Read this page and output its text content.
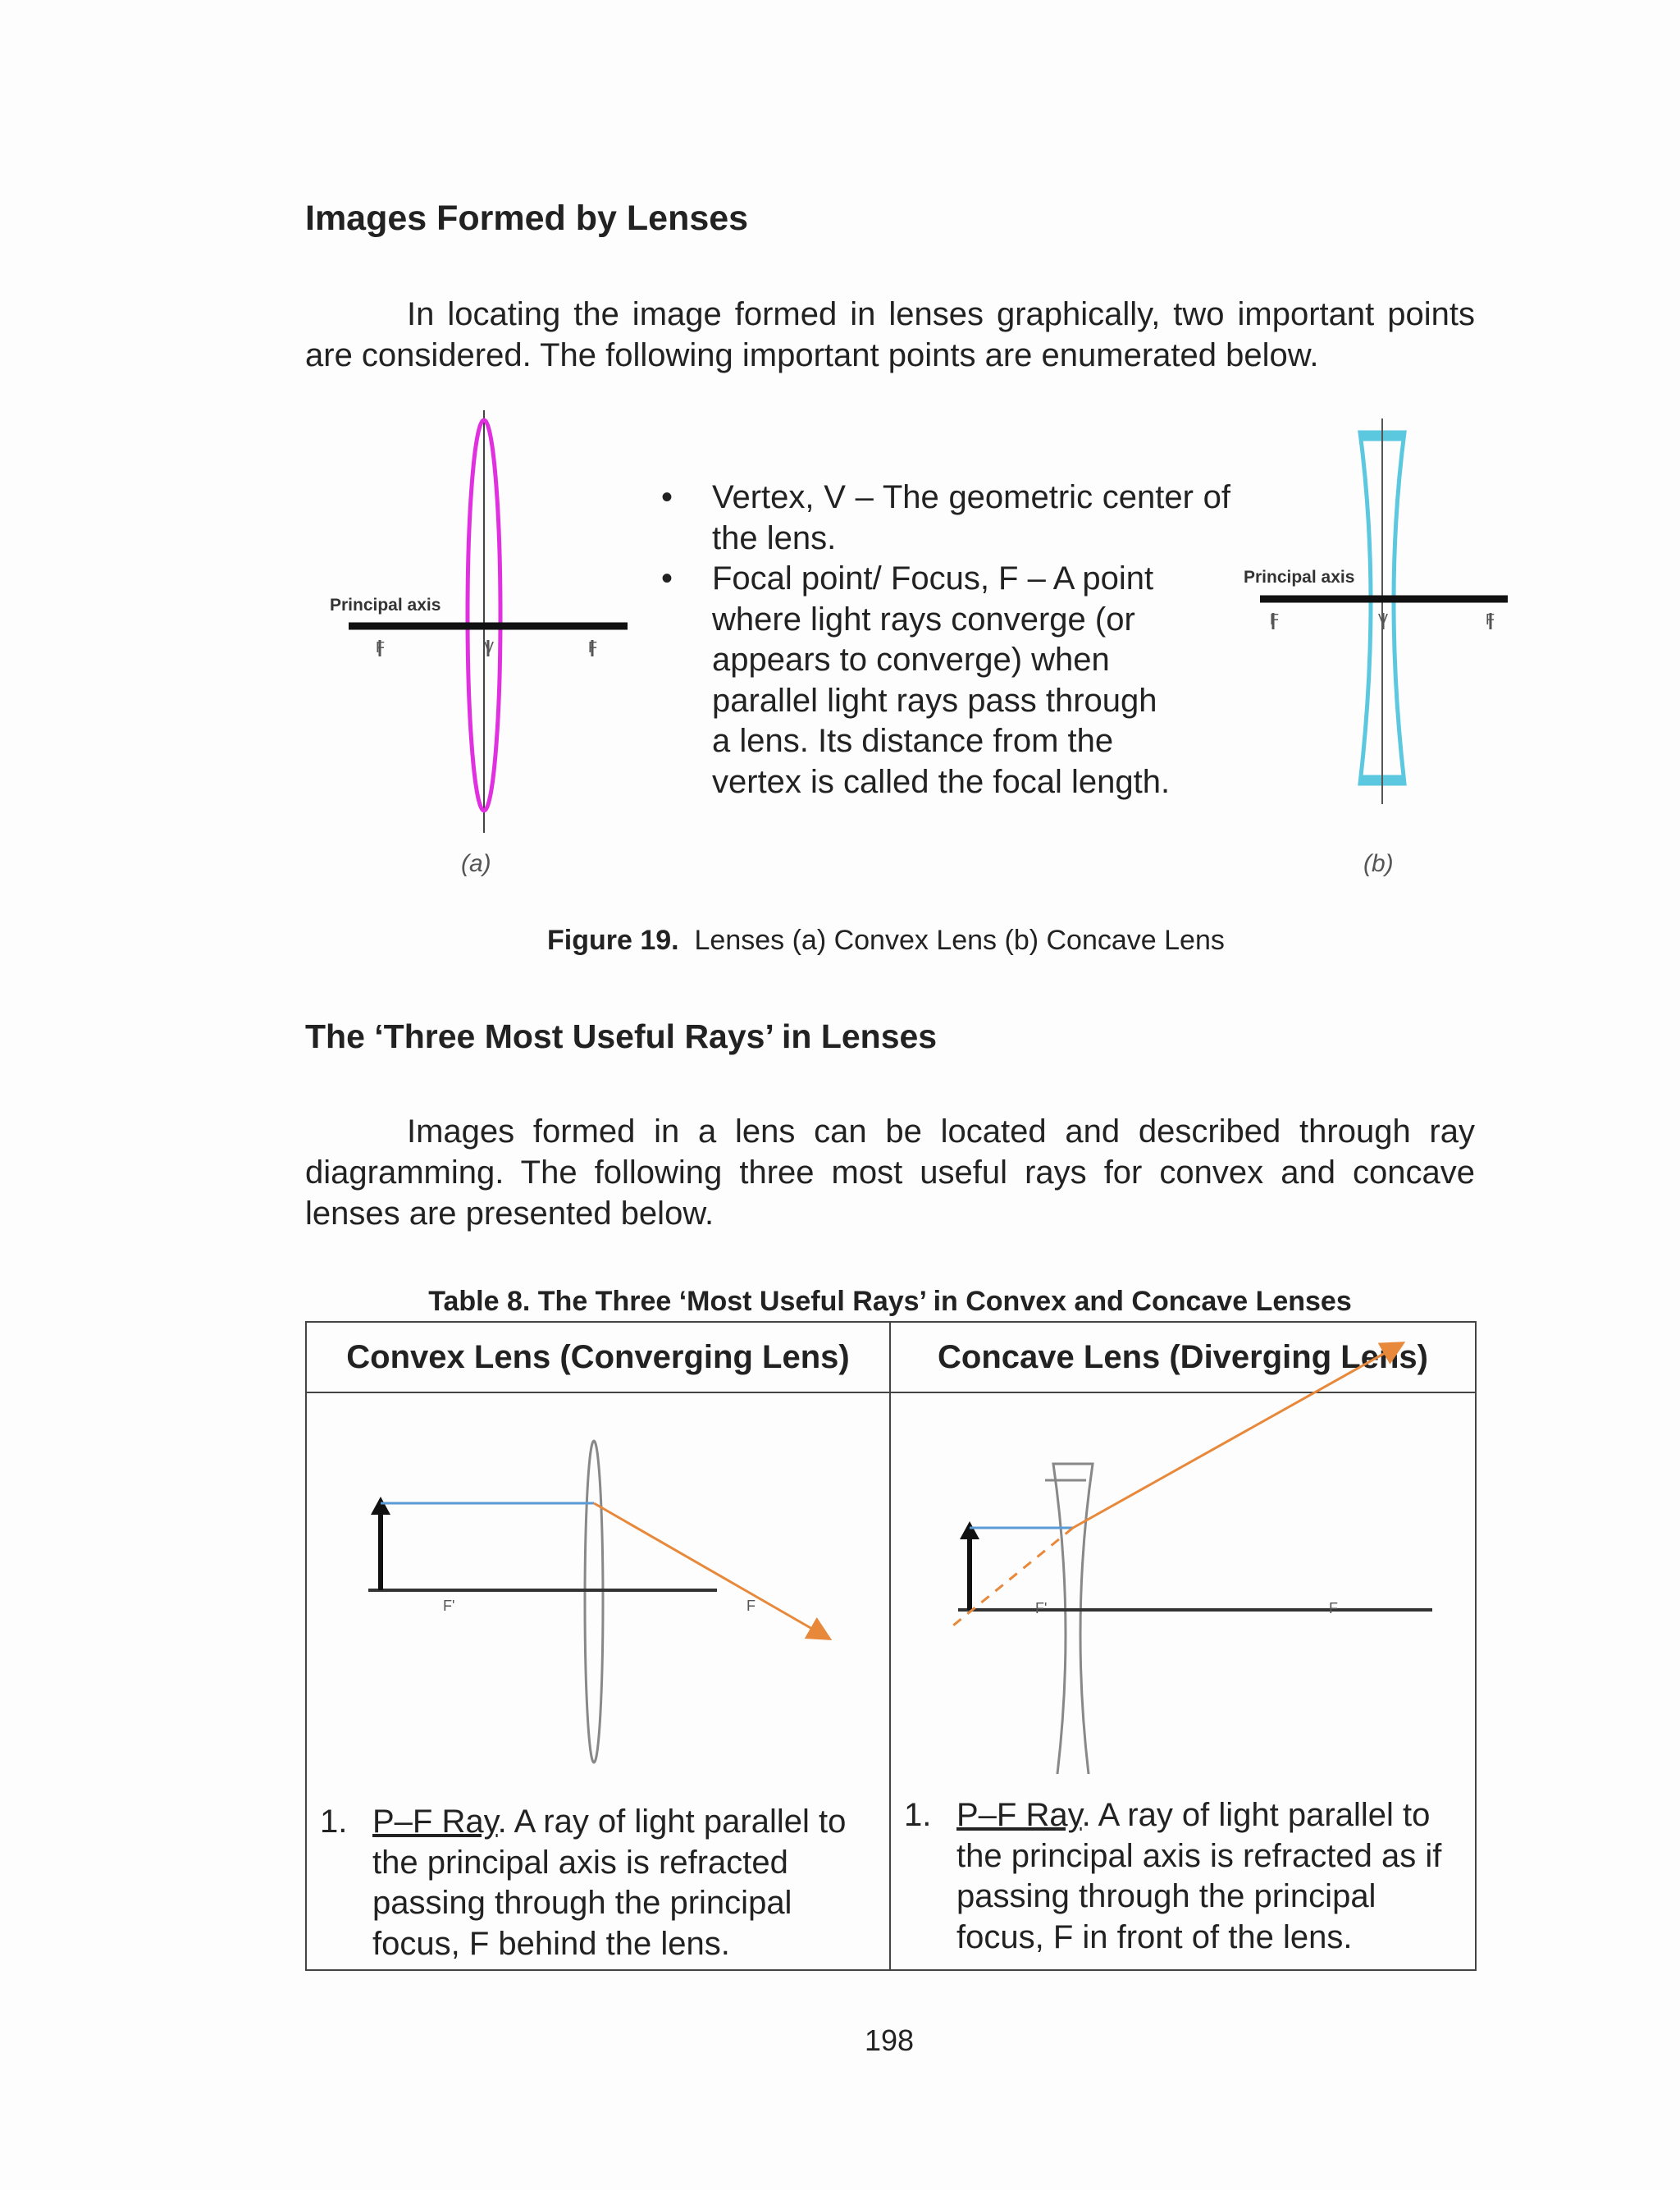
Images Formed by Lenses
In locating the image formed in lenses graphically, two important points are considered. The following important points are enumerated below.
Principal axis
F	V	F
(a)
• Vertex, V – The geometric center of the lens.
• Focal point/ Focus, F – A point where light rays converge (or appears to converge) when parallel light rays pass through a lens. Its distance from the vertex is called the focal length.
Principal axis
F	V	F
(b)
Figure 19. Lenses (a) Convex Lens (b) Concave Lens
The ‘Three Most Useful Rays’ in Lenses
Images formed in a lens can be located and described through ray diagramming. The following three most useful rays for convex and concave lenses are presented below.
Table 8. The Three ‘Most Useful Rays’ in Convex and Concave Lenses
Convex Lens (Converging Lens)	Concave Lens (Diverging Lens)
F'	F	F'	F
1. P–F Ray. A ray of light parallel to the principal axis is refracted passing through the principal focus, F behind the lens.
1. P–F Ray. A ray of light parallel to the principal axis is refracted as if passing through the principal focus, F in front of the lens.
198
